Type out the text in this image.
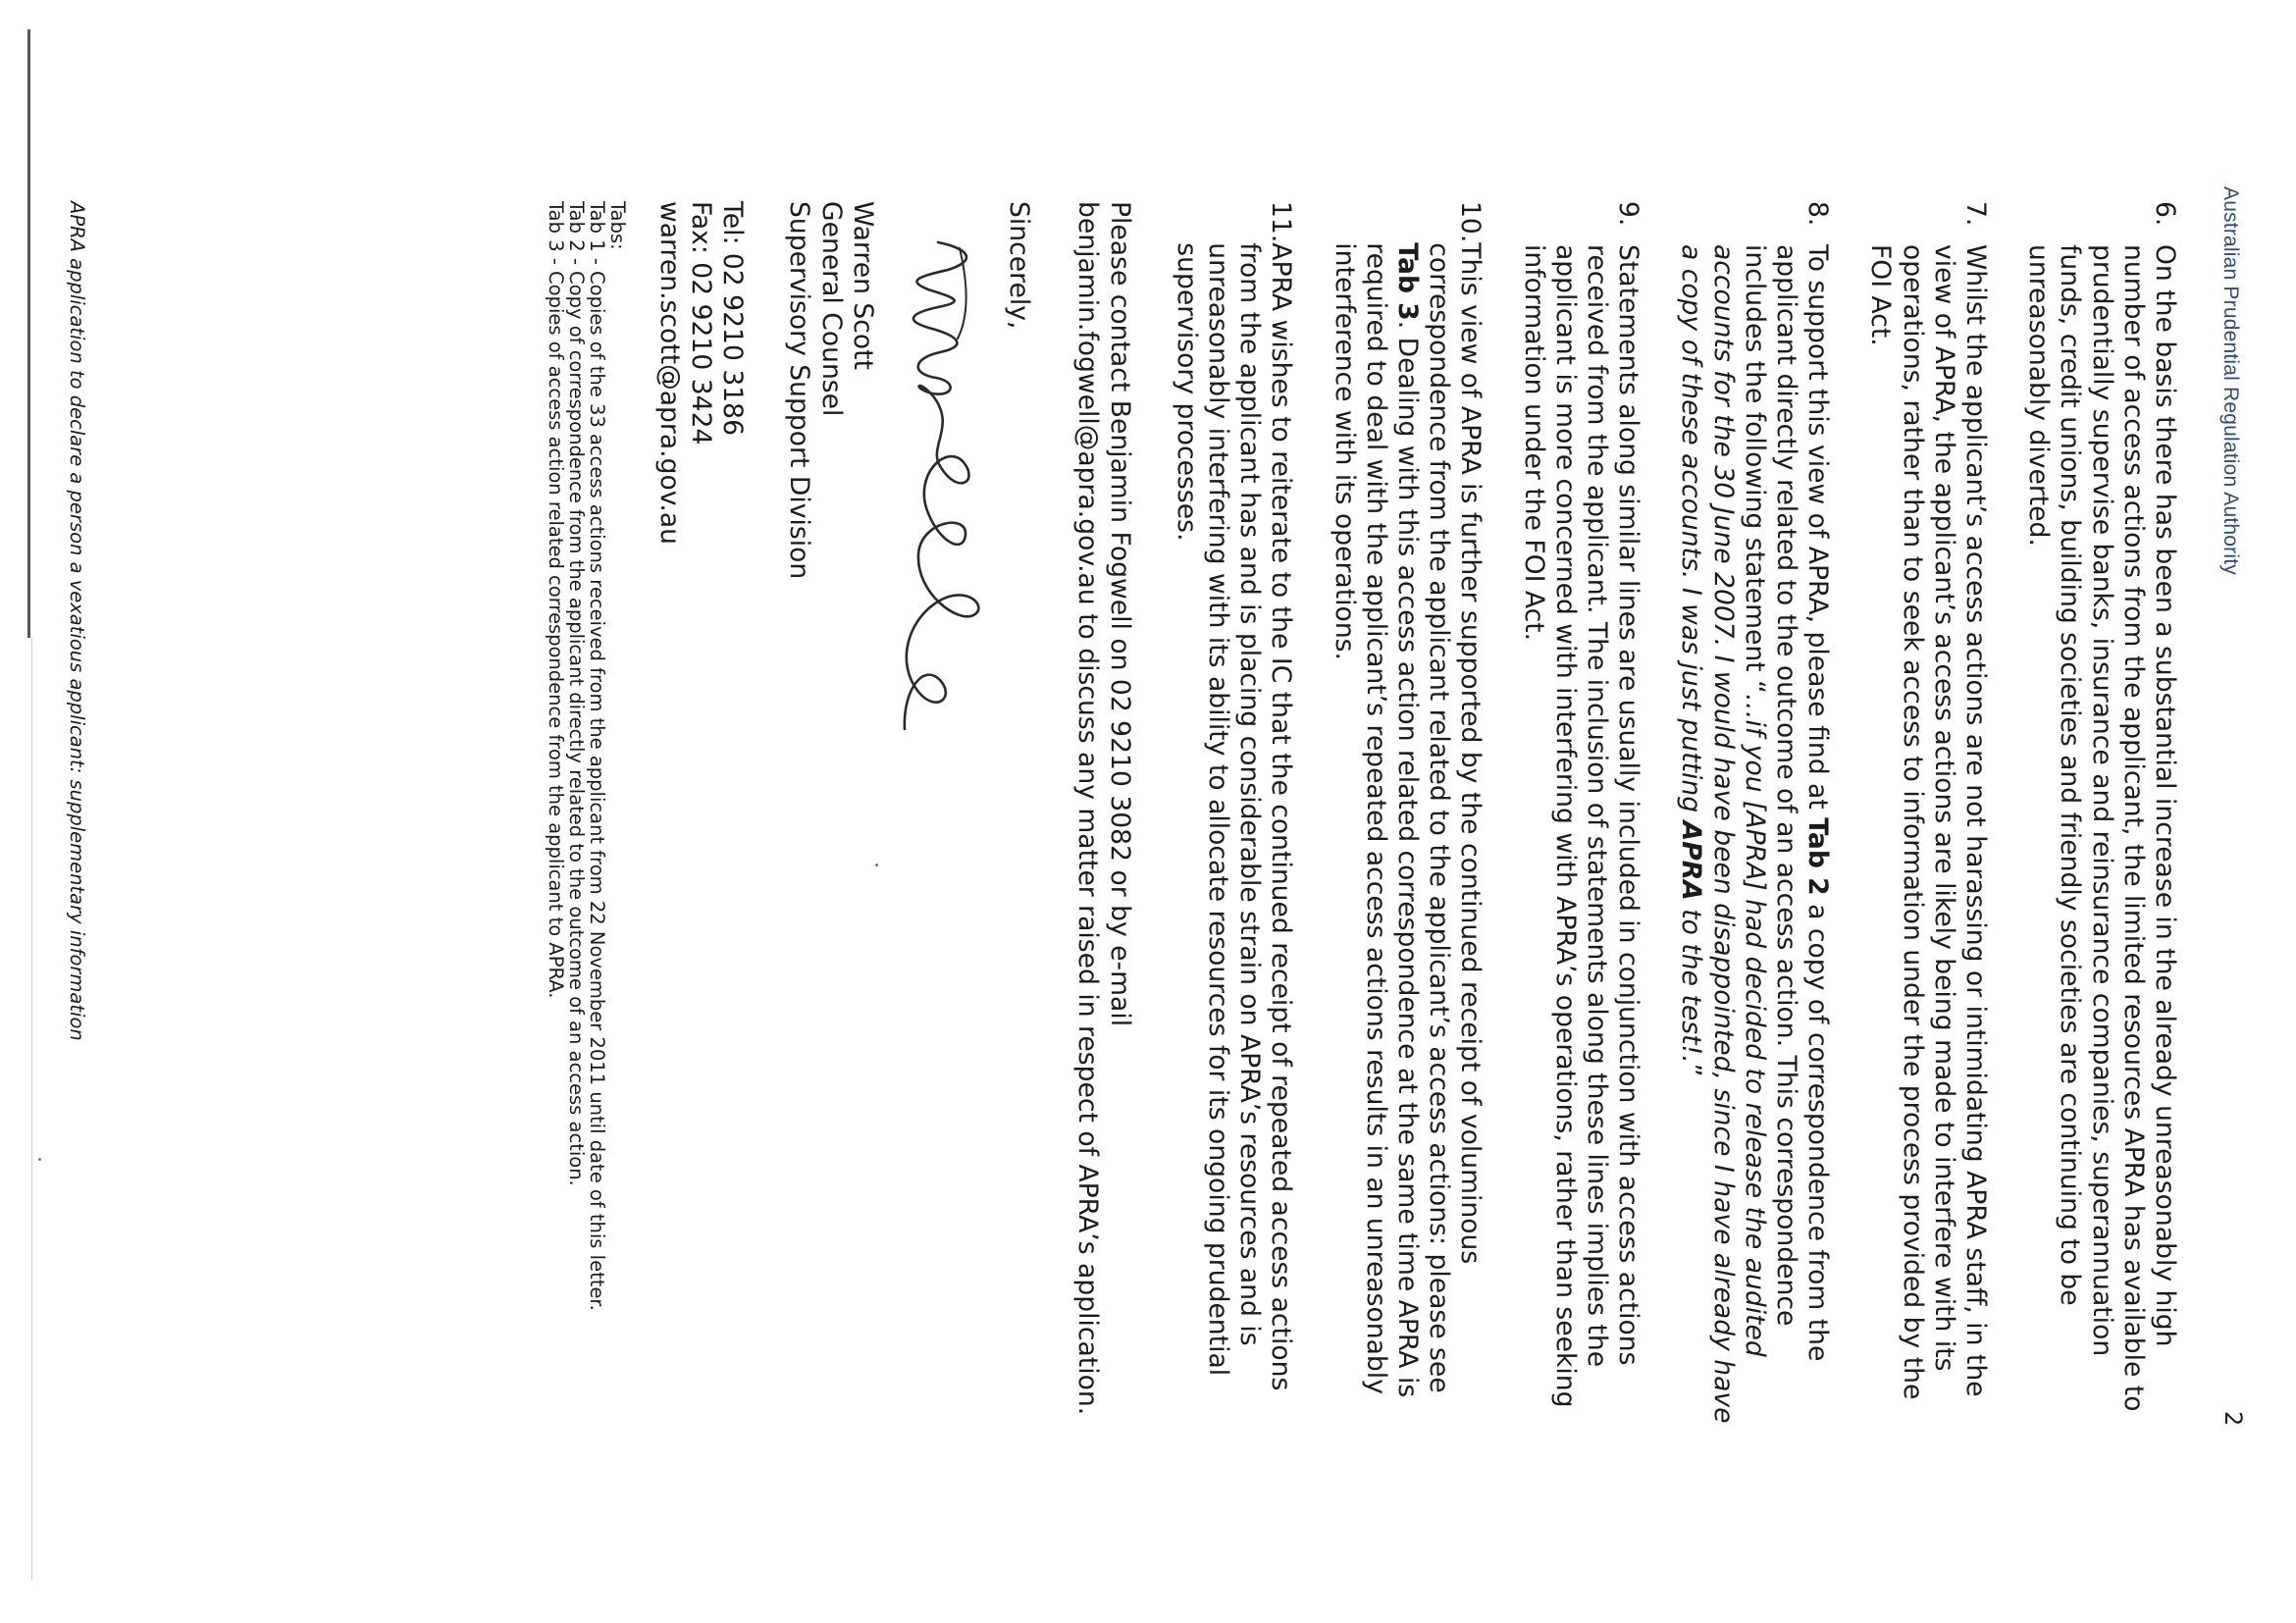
Australian Prudential Regulation Authority
2
6.
On the basis there has been a substantial increase in the already unreasonably high number of access actions from the applicant, the limited resources APRA has available to prudentially supervise banks, insurance and reinsurance companies, superannuation funds, credit unions, building societies and friendly societies are continuing to be unreasonably diverted.
7.
Whilst the applicant’s access actions are not harassing or intimidating APRA staff, in the view of APRA, the applicant’s access actions are likely being made to interfere with its operations, rather than to seek access to information under the process provided by the FOI Act.
8.
To support this view of APRA, please find at Tab 2 a copy of correspondence from the applicant directly related to the outcome of an access action. This correspondence includes the following statement “…if you [APRA] had decided to release the audited accounts for the 30 June 2007. I would have been disappointed, since I have already have a copy of these accounts. I was just putting APRA to the test!.”
9.
Statements along similar lines are usually included in conjunction with access actions received from the applicant. The inclusion of statements along these lines implies the applicant is more concerned with interfering with APRA’s operations, rather than seeking information under the FOI Act.
10.
This view of APRA is further supported by the continued receipt of voluminous correspondence from the applicant related to the applicant’s access actions: please see Tab 3. Dealing with this access action related correspondence at the same time APRA is required to deal with the applicant’s repeated access actions results in an unreasonably interference with its operations.
11.
APRA wishes to reiterate to the IC that the continued receipt of repeated access actions from the applicant has and is placing considerable strain on APRA’s resources and is unreasonably interfering with its ability to allocate resources for its ongoing prudential supervisory processes.
Please contact Benjamin Fogwell on 02 9210 3082 or by e-mail benjamin.fogwell@apra.gov.au to discuss any matter raised in respect of APRA’s application.
Sincerely,
Warren Scott
General Counsel
Supervisory Support Division
Tel: 02 9210 3186
Fax: 02 9210 3424
warren.scott@apra.gov.au
Tabs:
Tab 1 - Copies of the 33 access actions received from the applicant from 22 November 2011 until date of this letter.
Tab 2 - Copy of correspondence from the applicant directly related to the outcome of an access action.
Tab 3 - Copies of access action related correspondence from the applicant to APRA.
APRA application to declare a person a vexatious applicant: supplementary information
